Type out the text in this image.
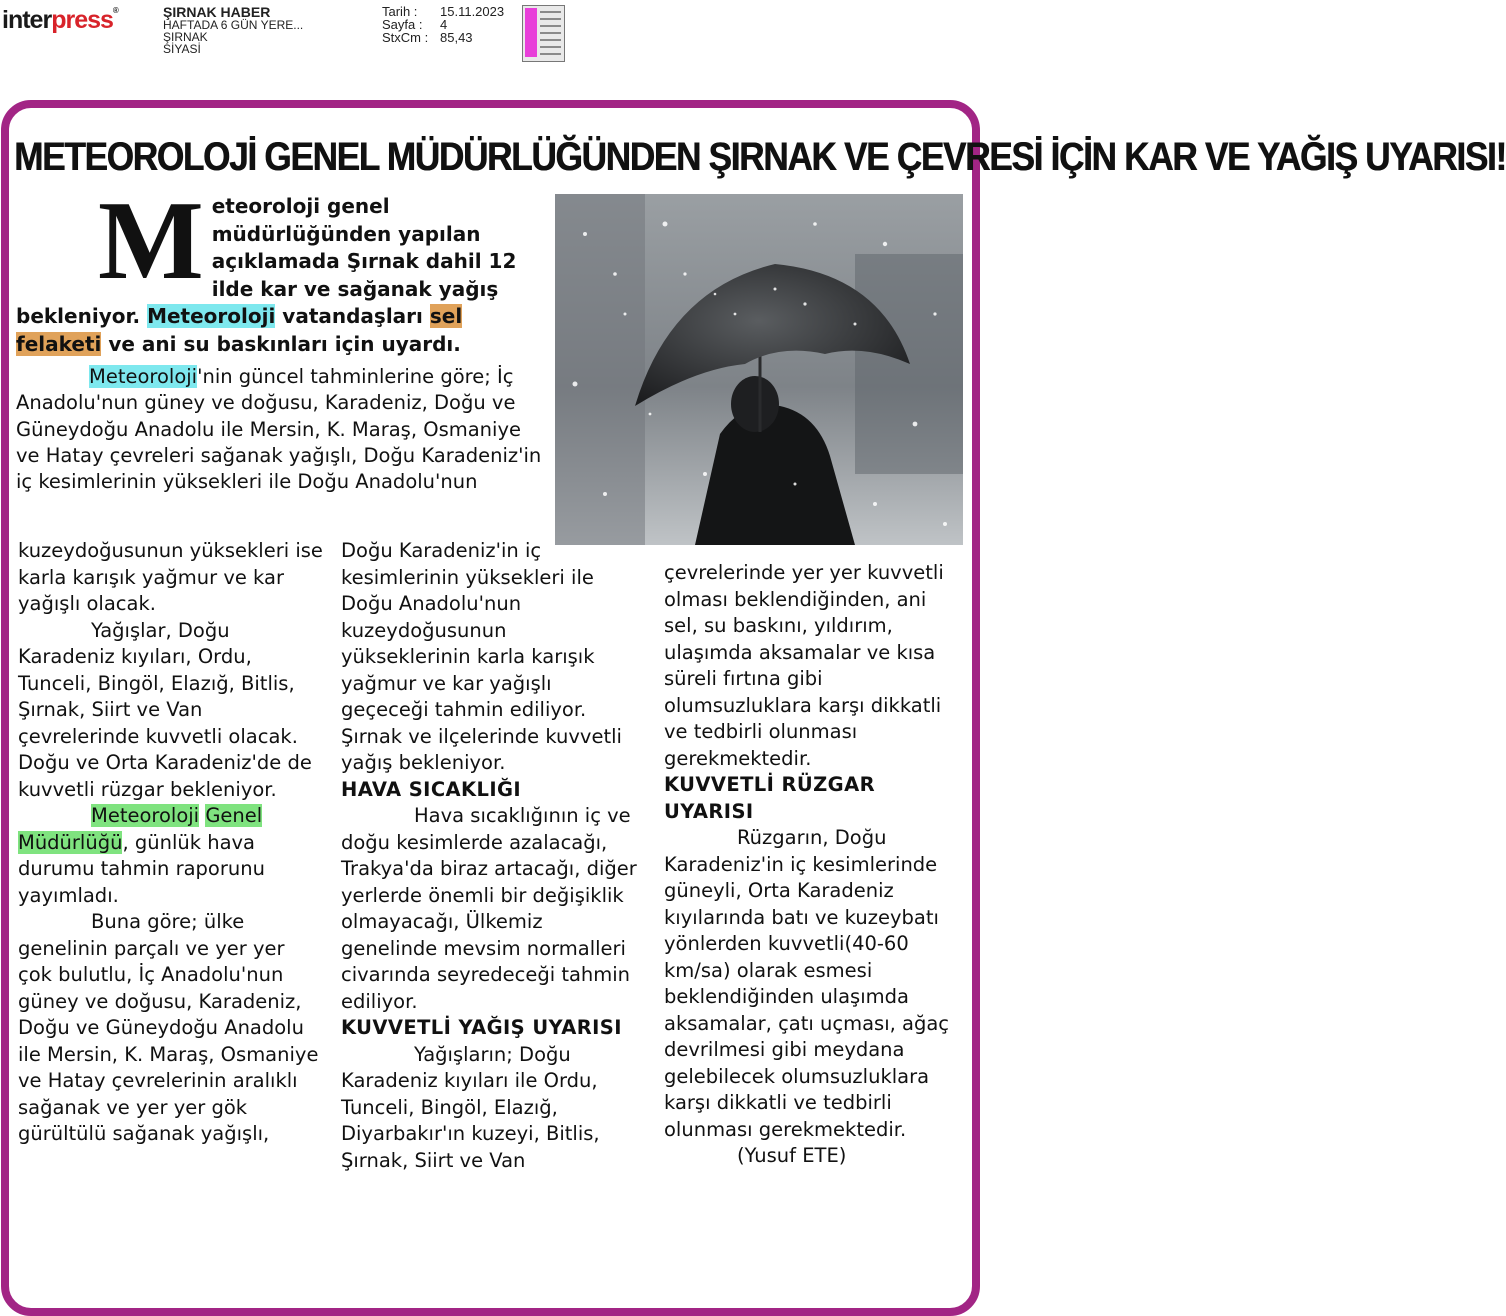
interpress®	ŞIRNAK HABER
HAFTADA 6 GÜN YERE...
ŞIRNAK
SİYASİ
Tarih :	15.11.2023
Sayfa :	4
StxCm : 85,43
METEOROLOJİ GENEL MÜDÜRLÜĞÜNDEN ŞIRNAK VE ÇEVRESİ İÇİN KAR VE YAĞIŞ UYARISI!
Meteoroloji genel müdürlüğünden yapılan açıklamada Şırnak dahil 12 ilde kar ve sağanak yağış bekleniyor. Meteoroloji vatandaşları sel felaketi ve ani su baskınları için uyardı.
Meteoroloji'nin güncel tahminlerine göre; İç Anadolu'nun güney ve doğusu, Karadeniz, Doğu ve Güneydoğu Anadolu ile Mersin, K. Maraş, Osmaniye ve Hatay çevreleri sağanak yağışlı, Doğu Karadeniz'in iç kesimlerinin yüksekleri ile Doğu Anadolu'nun

kuzeydoğusunun yüksekleri ise karla karışık yağmur ve kar yağışlı olacak.

Yağışlar, Doğu Karadeniz kıyıları, Ordu, Tunceli, Bingöl, Elazığ, Bitlis, Şırnak, Siirt ve Van çevrelerinde kuvvetli olacak. Doğu ve Orta Karadeniz'de de kuvvetli rüzgar bekleniyor.

Meteoroloji Genel Müdürlüğü, günlük hava durumu tahmin raporunu yayımladı.

Buna göre; ülke genelinin parçalı ve yer yer çok bulutlu, İç Anadolu'nun güney ve doğusu, Karadeniz, Doğu ve Güneydoğu Anadolu ile Mersin, K. Maraş, Osmaniye ve Hatay çevrelerinin aralıklı sağanak ve yer yer gök gürültülü sağanak yağışlı,

Doğu Karadeniz'in iç kesimlerinin yüksekleri ile Doğu Anadolu'nun kuzeydoğusunun yükseklerinin karla karışık yağmur ve kar yağışlı geçeceği tahmin ediliyor. Şırnak ve ilçelerinde kuvvetli yağış bekleniyor.

HAVA SICAKLIĞI

Hava sıcaklığının iç ve doğu kesimlerde azalacağı, Trakya'da biraz artacağı, diğer yerlerde önemli bir değişiklik olmayacağı, Ülkemiz genelinde mevsim normalleri civarında seyredeceği tahmin ediliyor.

KUVVETLİ YAĞIŞ UYARISI

Yağışların; Doğu Karadeniz kıyıları ile Ordu, Tunceli, Bingöl, Elazığ, Diyarbakır'ın kuzeyi, Bitlis, Şırnak, Siirt ve Van

çevrelerinde yer yer kuvvetli olması beklendiğinden, ani sel, su baskını, yıldırım, ulaşımda aksamalar ve kısa süreli fırtına gibi olumsuzluklara karşı dikkatli ve tedbirli olunması gerekmektedir.

KUVVETLİ RÜZGAR UYARISI

Rüzgarın, Doğu Karadeniz'in iç kesimlerinde güneyli, Orta Karadeniz kıyılarında batı ve kuzeybatı yönlerden kuvvetli(40-60 km/sa) olarak esmesi beklendiğinden ulaşımda aksamalar, çatı uçması, ağaç devrilmesi gibi meydana gelebilecek olumsuzluklara karşı dikkatli ve tedbirli olunması gerekmektedir.

(Yusuf ETE)
